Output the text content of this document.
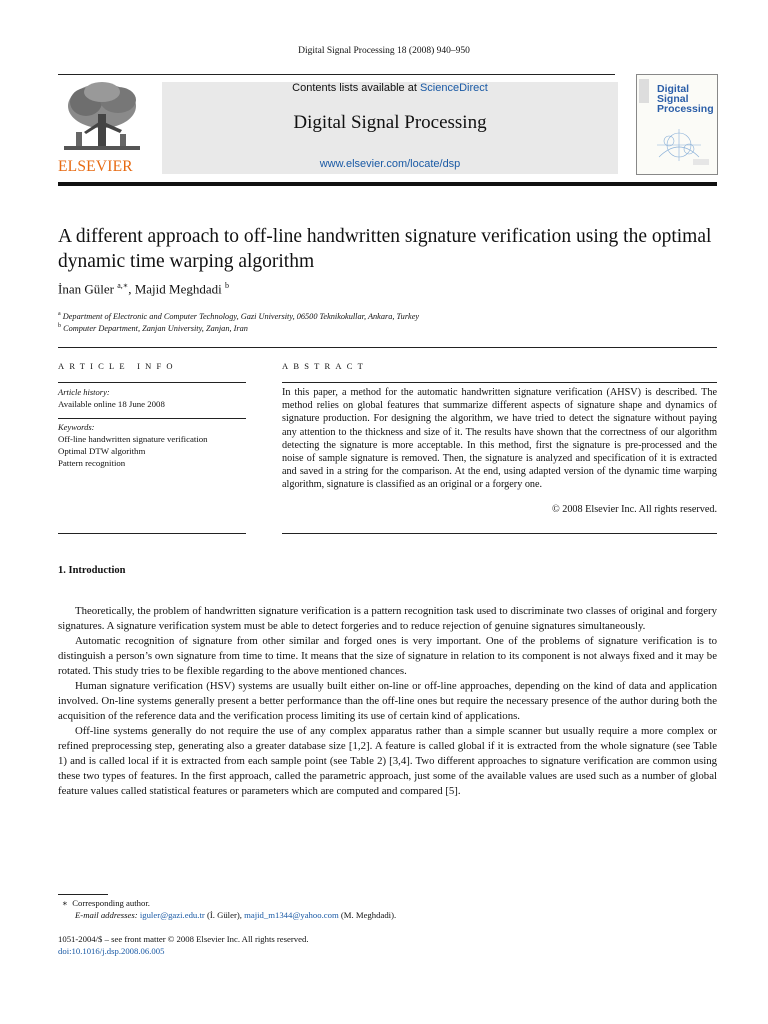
Digital Signal Processing 18 (2008) 940–950
ELSEVIER
Contents lists available at ScienceDirect
Digital Signal Processing
www.elsevier.com/locate/dsp
Digital Signal Processing
A different approach to off-line handwritten signature verification using the optimal dynamic time warping algorithm
İnan Güler $^{a,∗}$, Majid Meghdadi $^b$
$^a$ Department of Electronic and Computer Technology, Gazi University, 06500 Teknikokullar, Ankara, Turkey
$^b$ Computer Department, Zanjan University, Zanjan, Iran
ARTICLE INFO	ABSTRACT
Article history:
Available online 18 June 2008
Keywords:
Off-line handwritten signature verification
Optimal DTW algorithm
Pattern recognition
In this paper, a method for the automatic handwritten signature verification (AHSV) is described. The method relies on global features that summarize different aspects of signature shape and dynamics of signature production. For designing the algorithm, we have tried to detect the signature without paying any attention to the thickness and size of it. The results have shown that the correctness of our algorithm detecting the signature is more acceptable. In this method, first the signature is pre-processed and the noise of sample signature is removed. Then, the signature is analyzed and specification of it is extracted and saved in a string for the comparison. At the end, using adapted version of the dynamic time warping algorithm, signature is classified as an original or a forgery one.
© 2008 Elsevier Inc. All rights reserved.
1. Introduction

Theoretically, the problem of handwritten signature verification is a pattern recognition task used to discriminate two classes of original and forgery signatures. A signature verification system must be able to detect forgeries and to reduce rejection of genuine signatures simultaneously.

Automatic recognition of signature from other similar and forged ones is very important. One of the problems of signature verification is to distinguish a person’s own signature from time to time. It means that the size of signature in relation to its component is not always fixed and it may be rotated. This study tries to be flexible regarding to the above mentioned chances.

Human signature verification (HSV) systems are usually built either on-line or off-line approaches, depending on the kind of data and application involved. On-line systems generally present a better performance than the off-line ones but require the necessary presence of the author during both the acquisition of the reference data and the verification process limiting its use of certain kind of applications.

Off-line systems generally do not require the use of any complex apparatus rather than a simple scanner but usually require a more complex or refined preprocessing step, generating also a greater database size [1,2]. A feature is called global if it is extracted from the whole signature (see Table 1) and is called local if it is extracted from each sample point (see Table 2) [3,4]. Two different approaches to signature verification are common using these two types of features. In the first approach, called the parametric approach, just some of the available values are used such as a number of global feature values called statistical features or parameters which are computed and compared [5].

∗ Corresponding author.
E-mail addresses: iguler@gazi.edu.tr (İ. Güler), majid_m1344@yahoo.com (M. Meghdadi).
1051-2004/$ – see front matter © 2008 Elsevier Inc. All rights reserved.
doi:10.1016/j.dsp.2008.06.005
